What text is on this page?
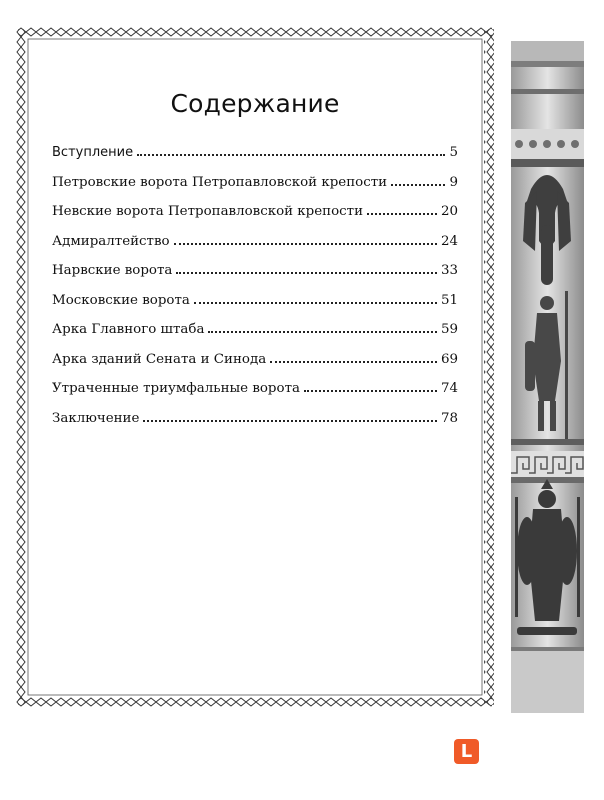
Содержание
Вступление	5
Петровские ворота Петропавловской крепости	9
Невские ворота Петропавловской крепости	20
Адмиралтейство	24
Нарвские ворота	33
Московские ворота	51
Арка Главного штаба	59
Арка зданий Сената и Синода	69
Утраченные триумфальные ворота	74
Заключение	78
L
